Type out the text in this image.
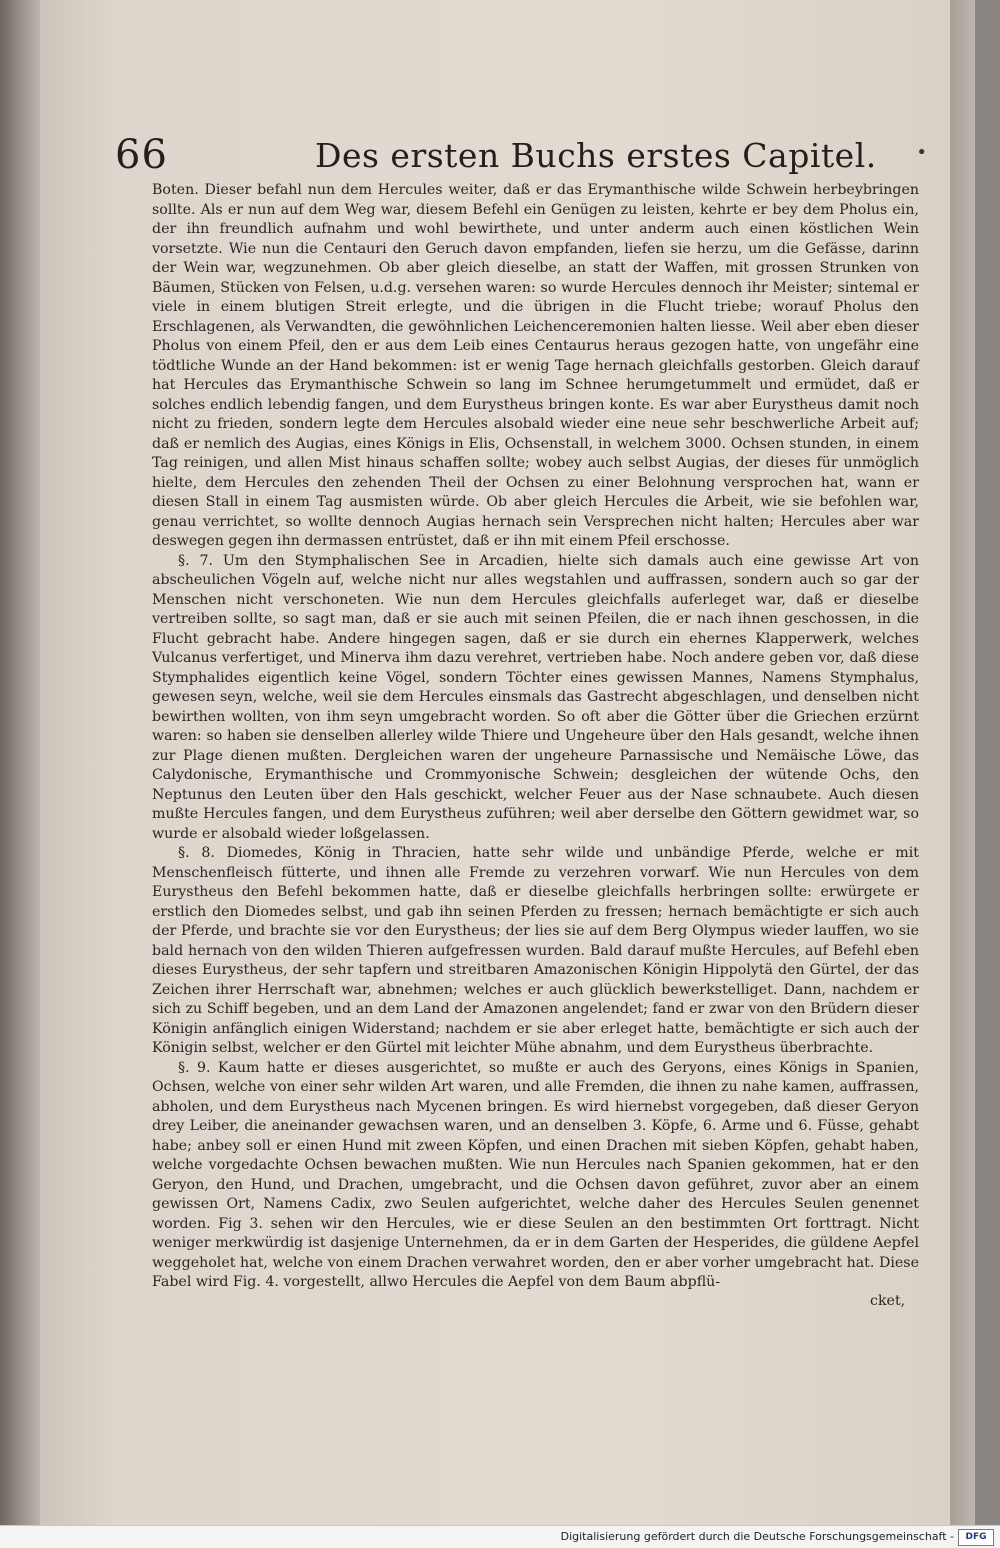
66	Des ersten Buchs erstes Capitel. •

Boten. Dieser befahl nun dem Hercules weiter, daß er das Erymanthische wilde Schwein herbeybringen sollte. Als er nun auf dem Weg war, diesem Befehl ein Genügen zu leisten, kehrte er bey dem Pholus ein, der ihn freundlich aufnahm und wohl bewirthete, und unter anderm auch einen köstlichen Wein vorsetzte. Wie nun die Centauri den Geruch davon empfanden, liefen sie herzu, um die Gefässe, darinn der Wein war, wegzunehmen. Ob aber gleich dieselbe, an statt der Waffen, mit grossen Strunken von Bäumen, Stücken von Felsen, u.d.g. versehen waren: so wurde Hercules dennoch ihr Meister; sintemal er viele in einem blutigen Streit erlegte, und die übrigen in die Flucht triebe; worauf Pholus den Erschlagenen, als Verwandten, die gewöhnlichen Leichenceremonien halten liesse. Weil aber eben dieser Pholus von einem Pfeil, den er aus dem Leib eines Centaurus heraus gezogen hatte, von ungefähr eine tödtliche Wunde an der Hand bekommen: ist er wenig Tage hernach gleichfalls gestorben. Gleich darauf hat Hercules das Erymanthische Schwein so lang im Schnee herumgetummelt und ermüdet, daß er solches endlich lebendig fangen, und dem Eurystheus bringen konte. Es war aber Eurystheus damit noch nicht zu frieden, sondern legte dem Hercules alsobald wieder eine neue sehr beschwerliche Arbeit auf; daß er nemlich des Augias, eines Königs in Elis, Ochsenstall, in welchem 3000. Ochsen stunden, in einem Tag reinigen, und allen Mist hinaus schaffen sollte; wobey auch selbst Augias, der dieses für unmöglich hielte, dem Hercules den zehenden Theil der Ochsen zu einer Belohnung versprochen hat, wann er diesen Stall in einem Tag ausmisten würde. Ob aber gleich Hercules die Arbeit, wie sie befohlen war, genau verrichtet, so wollte dennoch Augias hernach sein Versprechen nicht halten; Hercules aber war deswegen gegen ihn dermassen entrüstet, daß er ihn mit einem Pfeil erschosse.

§. 7. Um den Stymphalischen See in Arcadien, hielte sich damals auch eine gewisse Art von abscheulichen Vögeln auf, welche nicht nur alles wegstahlen und auffrassen, sondern auch so gar der Menschen nicht verschoneten. Wie nun dem Hercules gleichfalls auferleget war, daß er dieselbe vertreiben sollte, so sagt man, daß er sie auch mit seinen Pfeilen, die er nach ihnen geschossen, in die Flucht gebracht habe. Andere hingegen sagen, daß er sie durch ein ehernes Klapperwerk, welches Vulcanus verfertiget, und Minerva ihm dazu verehret, vertrieben habe. Noch andere geben vor, daß diese Stymphalides eigentlich keine Vögel, sondern Töchter eines gewissen Mannes, Namens Stymphalus, gewesen seyn, welche, weil sie dem Hercules einsmals das Gastrecht abgeschlagen, und denselben nicht bewirthen wollten, von ihm seyn umgebracht worden. So oft aber die Götter über die Griechen erzürnt waren: so haben sie denselben allerley wilde Thiere und Ungeheure über den Hals gesandt, welche ihnen zur Plage dienen mußten. Dergleichen waren der ungeheure Parnassische und Nemäische Löwe, das Calydonische, Erymanthische und Crommyonische Schwein; desgleichen der wütende Ochs, den Neptunus den Leuten über den Hals geschickt, welcher Feuer aus der Nase schnaubete. Auch diesen mußte Hercules fangen, und dem Eurystheus zuführen; weil aber derselbe den Göttern gewidmet war, so wurde er alsobald wieder loßgelassen.

§. 8. Diomedes, König in Thracien, hatte sehr wilde und unbändige Pferde, welche er mit Menschenfleisch fütterte, und ihnen alle Fremde zu verzehren vorwarf. Wie nun Hercules von dem Eurystheus den Befehl bekommen hatte, daß er dieselbe gleichfalls herbringen sollte: erwürgete er erstlich den Diomedes selbst, und gab ihn seinen Pferden zu fressen; hernach bemächtigte er sich auch der Pferde, und brachte sie vor den Eurystheus; der lies sie auf dem Berg Olympus wieder lauffen, wo sie bald hernach von den wilden Thieren aufgefressen wurden. Bald darauf mußte Hercules, auf Befehl eben dieses Eurystheus, der sehr tapfern und streitbaren Amazonischen Königin Hippolytä den Gürtel, der das Zeichen ihrer Herrschaft war, abnehmen; welches er auch glücklich bewerkstelliget. Dann, nachdem er sich zu Schiff begeben, und an dem Land der Amazonen angelendet; fand er zwar von den Brüdern dieser Königin anfänglich einigen Widerstand; nachdem er sie aber erleget hatte, bemächtigte er sich auch der Königin selbst, welcher er den Gürtel mit leichter Mühe abnahm, und dem Eurystheus überbrachte.

§. 9. Kaum hatte er dieses ausgerichtet, so mußte er auch des Geryons, eines Königs in Spanien, Ochsen, welche von einer sehr wilden Art waren, und alle Fremden, die ihnen zu nahe kamen, auffrassen, abholen, und dem Eurystheus nach Mycenen bringen. Es wird hiernebst vorgegeben, daß dieser Geryon drey Leiber, die aneinander gewachsen waren, und an denselben 3. Köpfe, 6. Arme und 6. Füsse, gehabt habe; anbey soll er einen Hund mit zween Köpfen, und einen Drachen mit sieben Köpfen, gehabt haben, welche vorgedachte Ochsen bewachen mußten. Wie nun Hercules nach Spanien gekommen, hat er den Geryon, den Hund, und Drachen, umgebracht, und die Ochsen davon geführet, zuvor aber an einem gewissen Ort, Namens Cadix, zwo Seulen aufgerichtet, welche daher des Hercules Seulen genennet worden. Fig 3. sehen wir den Hercules, wie er diese Seulen an den bestimmten Ort forttragt. Nicht weniger merkwürdig ist dasjenige Unternehmen, da er in dem Garten der Hesperides, die güldene Aepfel weggeholet hat, welche von einem Drachen verwahret worden, den er aber vorher umgebracht hat. Diese Fabel wird Fig. 4. vorgestellt, allwo Hercules die Aepfel von dem Baum abpflü-

cket,
Digitalisierung gefördert durch die Deutsche Forschungsgemeinschaft -	DFG
